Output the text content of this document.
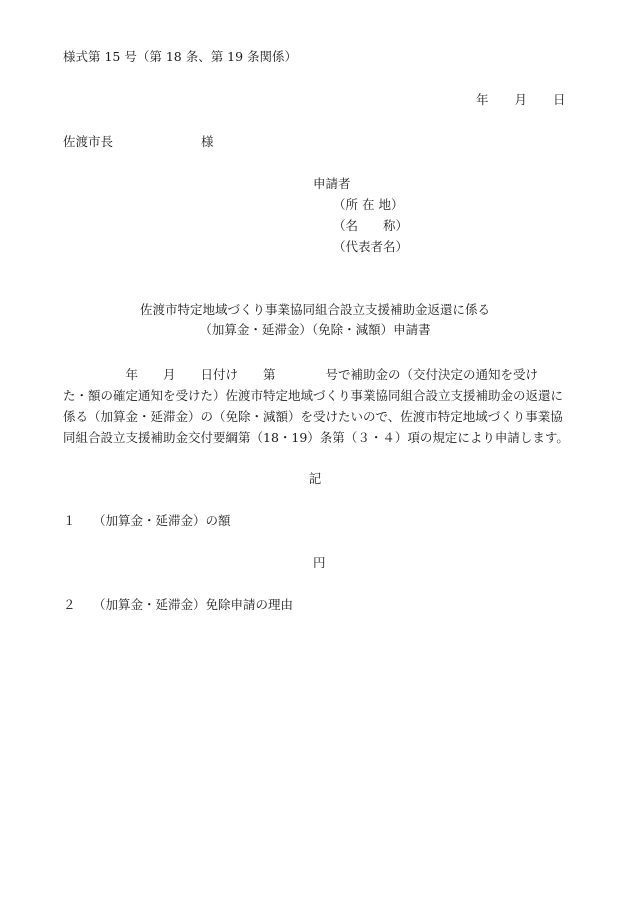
様式第 15 号（第 18 条、第 19 条関係）
年 月 日
佐渡市長	様
申請者
（所 在 地）
（名　　称）
（代表者名）
佐渡市特定地域づくり事業協同組合設立支援補助金返還に係る
（加算金・延滞金）（免除・減額）申請書
　　　　　年　　月　　日付け　　第　　　　号で補助金の（交付決定の通知を受け
た・額の確定通知を受けた）佐渡市特定地域づくり事業協同組合設立支援補助金の返還に
係る（加算金・延滞金）の（免除・減額）を受けたいので、佐渡市特定地域づくり事業協
同組合設立支援補助金交付要綱第（18・19）条第（３・４）項の規定により申請します。
記
１ （加算金・延滞金）の額
円
２ （加算金・延滞金）免除申請の理由
